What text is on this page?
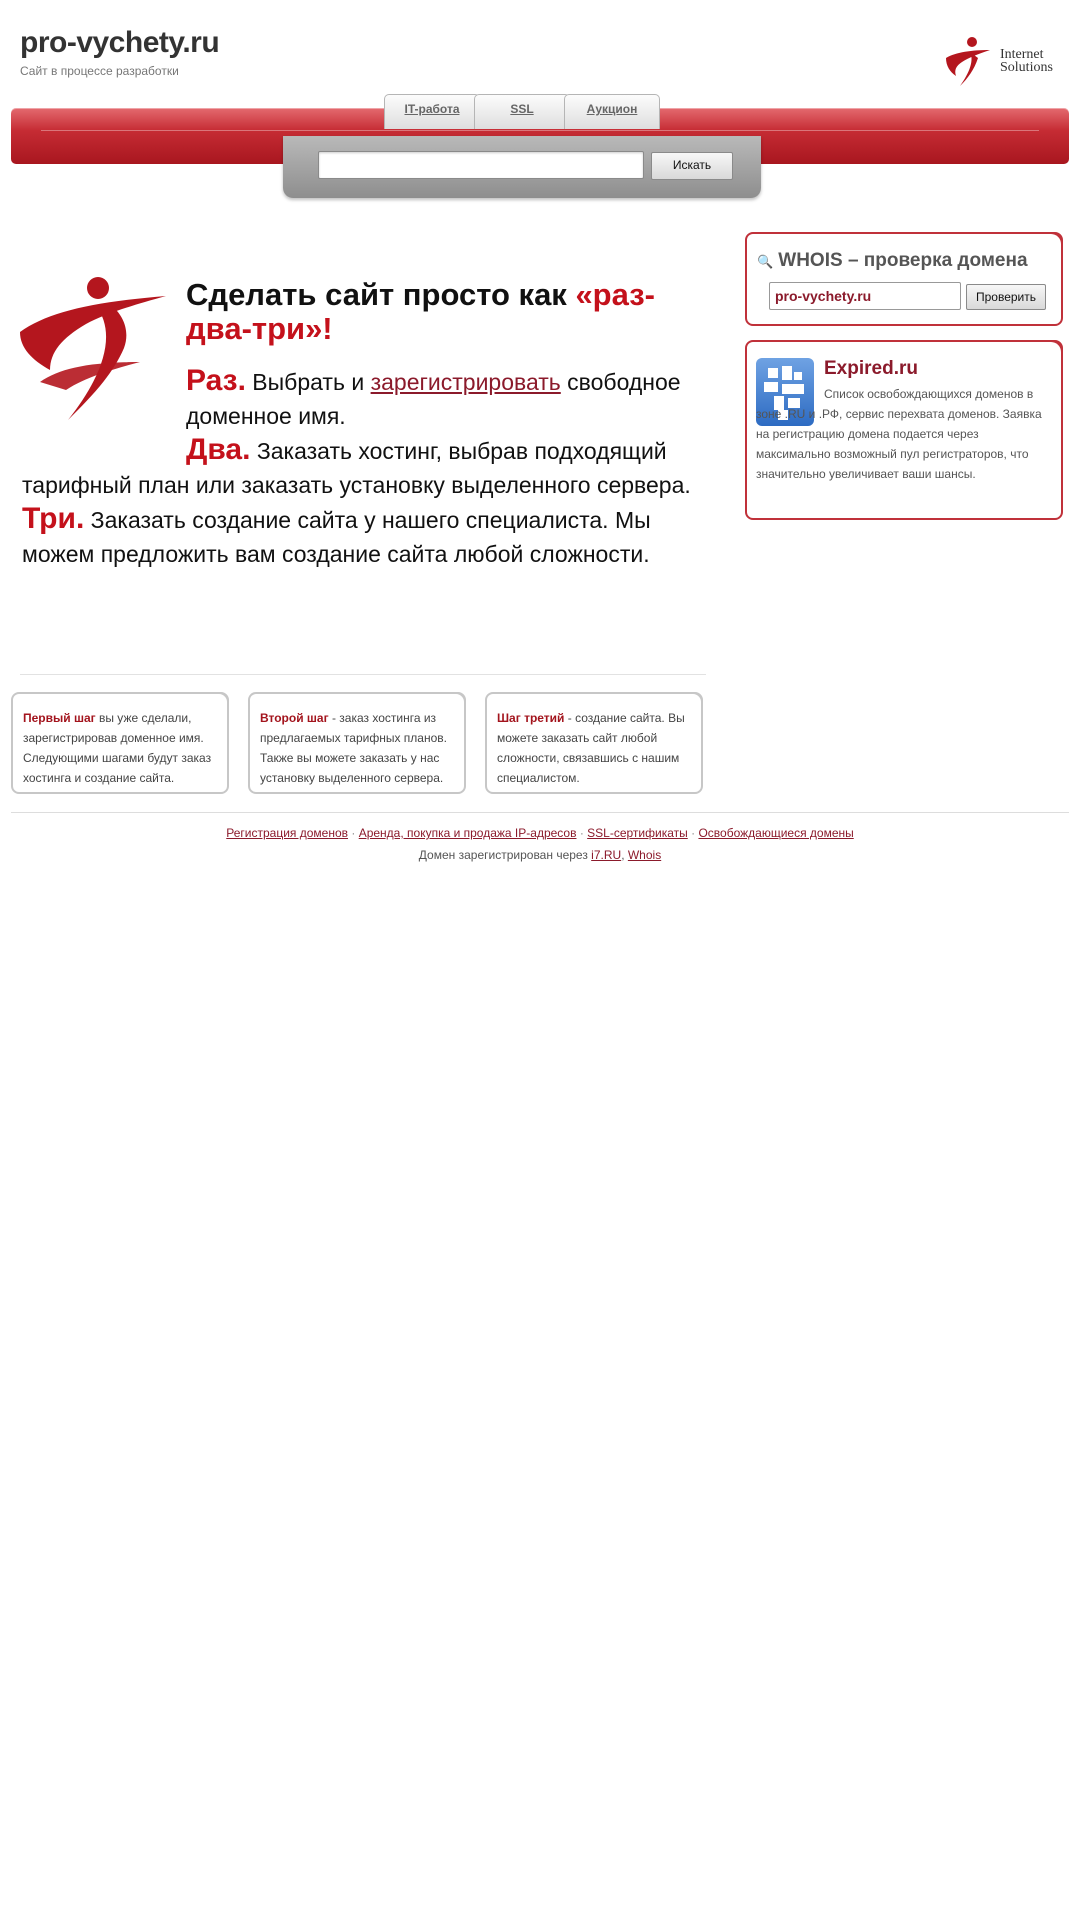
pro-vychety.ru
Сайт в процессе разработки
Internet
Solutions
IT-работа	SSL	Аукцион
Искать
Сделать сайт просто как «раз-два-три»!

Раз. Выбрать и зарегистрировать свободное доменное имя.

Два. Заказать хостинг, выбрав подходящий тарифный план или заказать установку выделенного сервера.

Три. Заказать создание сайта у нашего специалиста. Мы можем предложить вам создание сайта любой сложности.

Первый шаг вы уже сделали, зарегистрировав доменное имя. Следующими шагами будут заказ хостинга и создание сайта.
Второй шаг - заказ хостинга из предлагаемых тарифных планов. Также вы можете заказать у нас установку выделенного сервера.
Шаг третий - создание сайта. Вы можете заказать сайт любой сложности, связавшись с нашим специалистом.
🔍 WHOIS – проверка домена
pro-vychety.ru
Проверить
Expired.ru
Список освобождающихся доменов в зоне .RU и .РФ, сервис перехвата доменов. Заявка на регистрацию домена подается через максимально возможный пул регистраторов, что значительно увеличивает ваши шансы.
Регистрация доменов · Аренда, покупка и продажа IP-адресов · SSL-сертификаты · Освобождающиеся домены
Домен зарегистрирован через i7.RU, Whois
